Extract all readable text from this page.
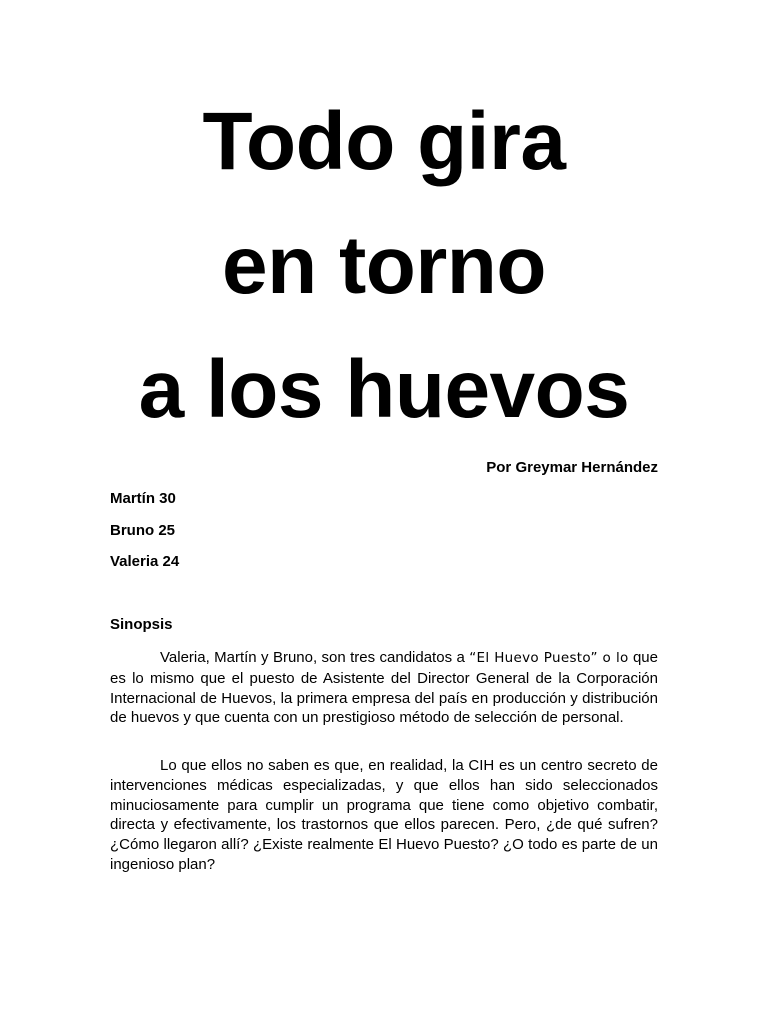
Todo gira
en torno
a los huevos
Por Greymar Hernández
Martín 30
Bruno 25
Valeria 24
Sinopsis

Valeria, Martín y Bruno, son tres candidatos a “El Huevo Puesto” o lo que es lo mismo que el puesto de Asistente del Director General de la Corporación Internacional de Huevos, la primera empresa del país en producción y distribución de huevos y que cuenta con un prestigioso método de selección de personal.

Lo que ellos no saben es que, en realidad, la CIH es un centro secreto de intervenciones médicas especializadas, y que ellos han sido seleccionados minuciosamente para cumplir un programa que tiene como objetivo combatir, directa y efectivamente, los trastornos que ellos parecen. Pero, ¿de qué sufren? ¿Cómo llegaron allí? ¿Existe realmente El Huevo Puesto? ¿O todo es parte de un ingenioso plan?
